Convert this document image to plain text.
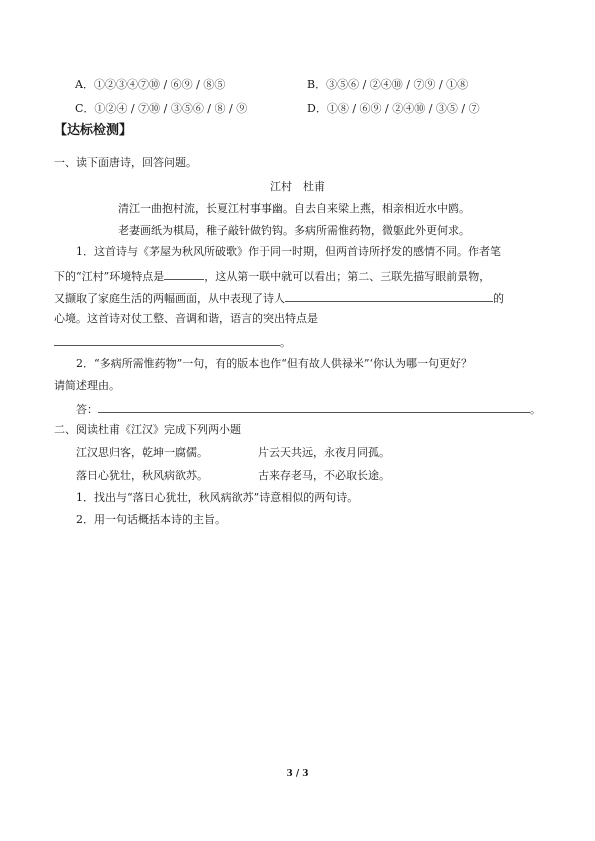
A．①②③④⑦⑩ / ⑥⑨ / ⑧⑤	B．③⑤⑥ / ②④⑩ / ⑦⑨ / ①⑧
C．①②④ / ⑦⑩ / ③⑤⑥ / ⑧ / ⑨	D．①⑧ / ⑥⑨ / ②④⑩ / ③⑤ / ⑦
【达标检测】
一、读下面唐诗，回答问题。
江村　杜甫
清江一曲抱村流，长夏江村事事幽。自去自来梁上燕，相亲相近水中鸥。
老妻画纸为棋局，稚子敲针做钓钩。多病所需惟药物，微躯此外更何求。
1．这首诗与《茅屋为秋风所破歌》作于同一时期，但两首诗所抒发的感情不同。作者笔
下的“江村”环境特点是	，这从第一联中就可以看出；第二、三联先描写眼前景物，
又撷取了家庭生活的两幅画面，从中表现了诗人	的
心境。这首诗对仗工整、音调和谐，语言的突出特点是
。
2．“多病所需惟药物”一句，有的版本也作“但有故人供禄米”‘你认为哪一句更好？
请简述理由。
答：	。
二、阅读杜甫《江汉》完成下列两小题
江汉思归客，乾坤一腐儒。	片云天共远，永夜月同孤。
落日心犹壮，秋风病欲苏。	古来存老马，不必取长途。
1．找出与“落日心犹壮，秋风病欲苏”诗意相似的两句诗。
2．用一句话概括本诗的主旨。
3 / 3
